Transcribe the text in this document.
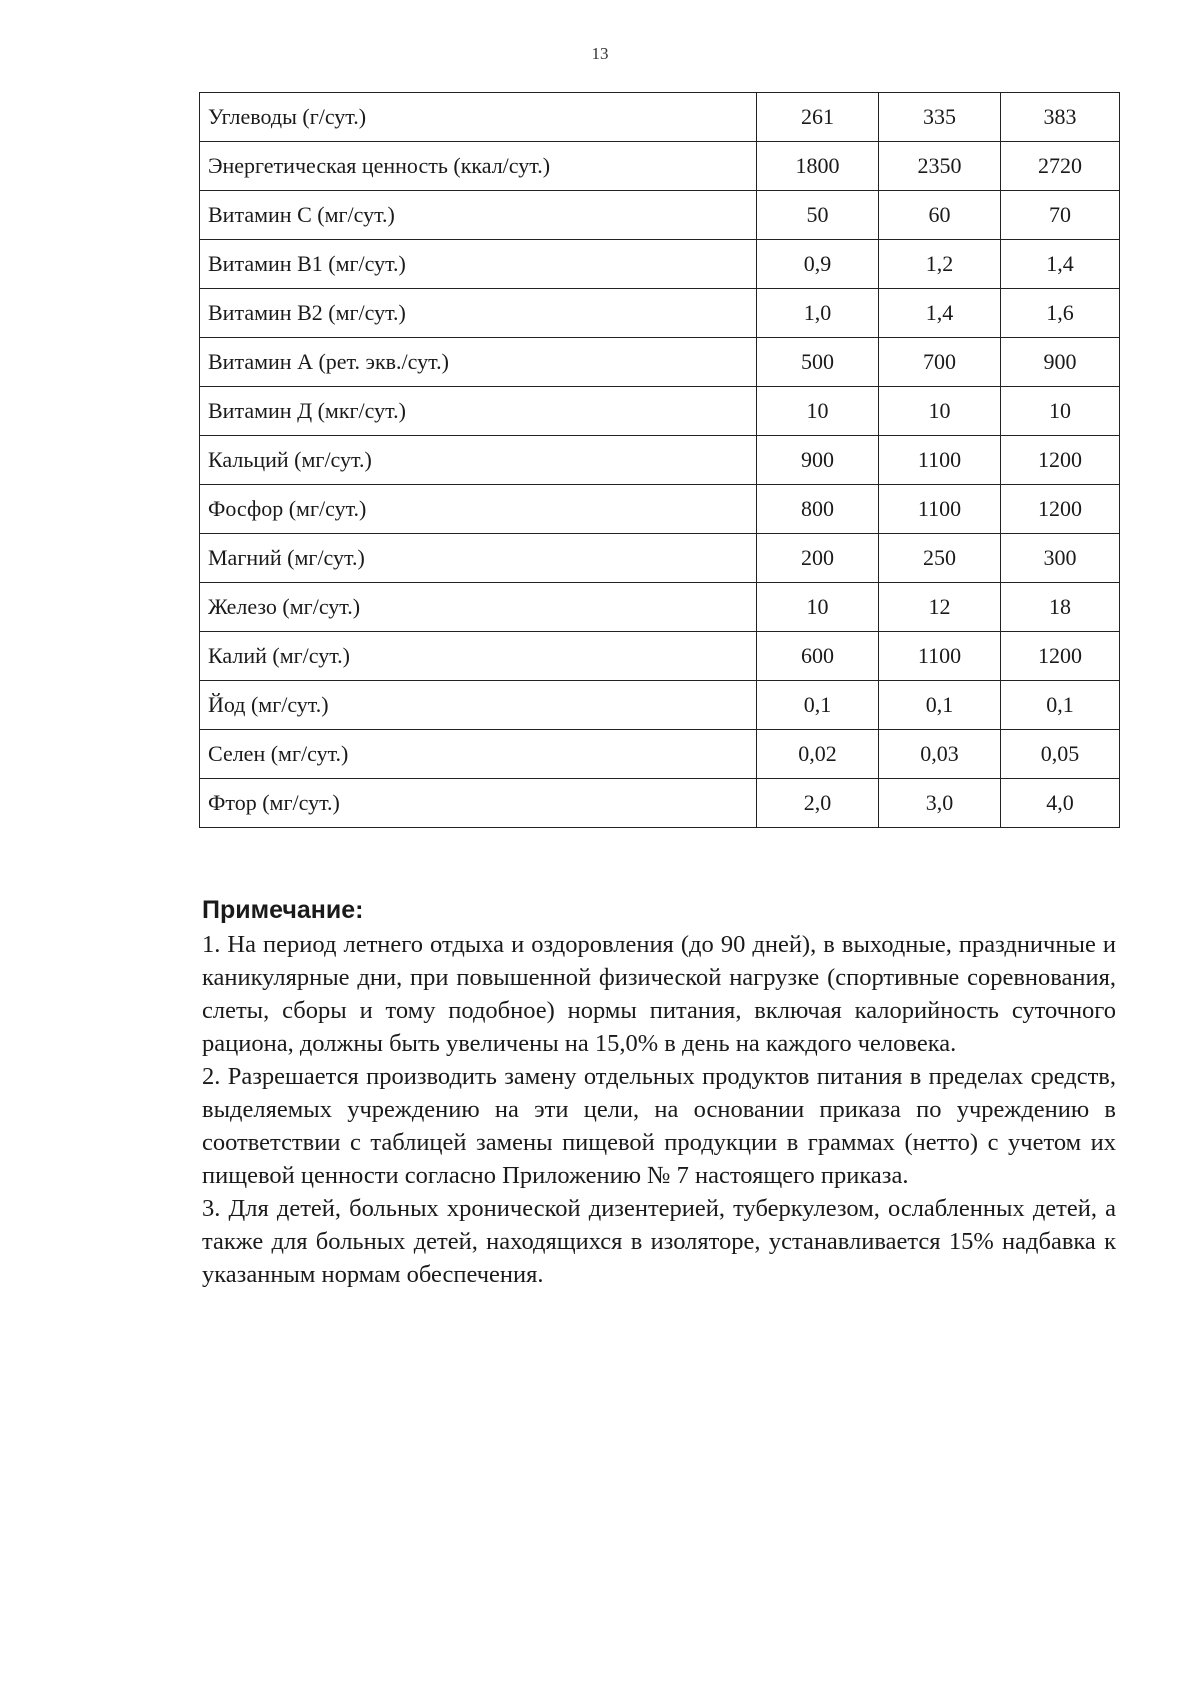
13
Углеводы (г/сут.)	261	335	383
Энергетическая ценность (ккал/сут.)	1800	2350	2720
Витамин С (мг/сут.)	50	60	70
Витамин В1 (мг/сут.)	0,9	1,2	1,4
Витамин В2 (мг/сут.)	1,0	1,4	1,6
Витамин А (рет. экв./сут.)	500	700	900
Витамин Д (мкг/сут.)	10	10	10
Кальций (мг/сут.)	900	1100	1200
Фосфор (мг/сут.)	800	1100	1200
Магний (мг/сут.)	200	250	300
Железо (мг/сут.)	10	12	18
Калий (мг/сут.)	600	1100	1200
Йод (мг/сут.)	0,1	0,1	0,1
Селен (мг/сут.)	0,02	0,03	0,05
Фтор (мг/сут.)	2,0	3,0	4,0
Примечание:

1. На период летнего отдыха и оздоровления (до 90 дней), в выходные, праздничные и каникулярные дни, при повышенной физической нагрузке (спортивные соревнования, слеты, сборы и тому подобное) нормы питания, включая калорийность суточного рациона, должны быть увеличены на 15,0% в день на каждого человека.

2. Разрешается производить замену отдельных продуктов питания в пределах средств, выделяемых учреждению на эти цели, на основании приказа по учреждению в соответствии с таблицей замены пищевой продукции в граммах (нетто) с учетом их пищевой ценности согласно Приложению № 7 настоящего приказа.

3. Для детей, больных хронической дизентерией, туберкулезом, ослабленных детей, а также для больных детей, находящихся в изоляторе, устанавливается 15% надбавка к указанным нормам обеспечения.
